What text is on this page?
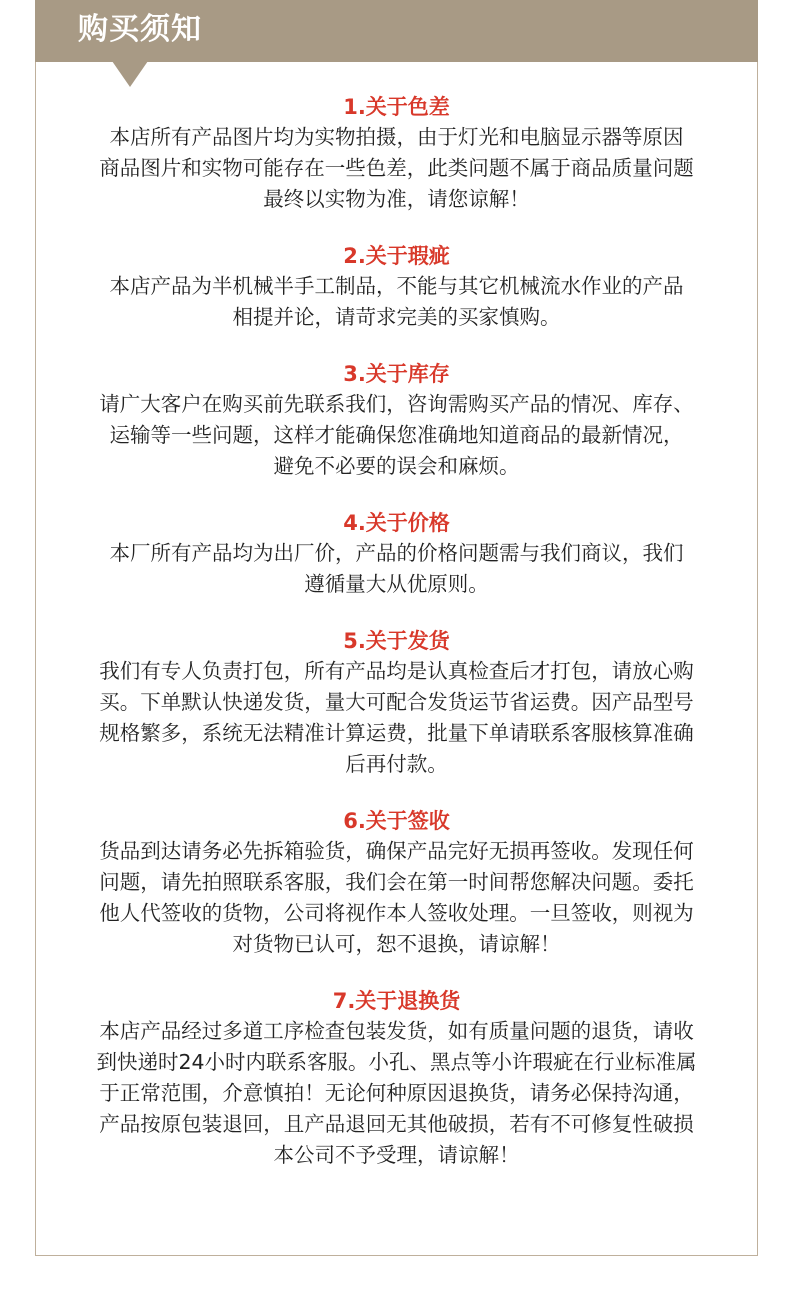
购买须知
1.关于色差
本店所有产品图片均为实物拍摄，由于灯光和电脑显示器等原因
商品图片和实物可能存在一些色差，此类问题不属于商品质量问题
最终以实物为准，请您谅解！
2.关于瑕疵
本店产品为半机械半手工制品，不能与其它机械流水作业的产品
相提并论，请苛求完美的买家慎购。
3.关于库存
请广大客户在购买前先联系我们，咨询需购买产品的情况、库存、
运输等一些问题，这样才能确保您准确地知道商品的最新情况，
避免不必要的误会和麻烦。
4.关于价格
本厂所有产品均为出厂价，产品的价格问题需与我们商议，我们
遵循量大从优原则。
5.关于发货
我们有专人负责打包，所有产品均是认真检查后才打包，请放心购
买。下单默认快递发货，量大可配合发货运节省运费。因产品型号
规格繁多，系统无法精准计算运费，批量下单请联系客服核算准确
后再付款。
6.关于签收
货品到达请务必先拆箱验货，确保产品完好无损再签收。发现任何
问题，请先拍照联系客服，我们会在第一时间帮您解决问题。委托
他人代签收的货物，公司将视作本人签收处理。一旦签收，则视为
对货物已认可，恕不退换，请谅解！
7.关于退换货
本店产品经过多道工序检查包装发货，如有质量问题的退货，请收
到快递时24小时内联系客服。小孔、黑点等小许瑕疵在行业标准属
于正常范围，介意慎拍！无论何种原因退换货，请务必保持沟通，
产品按原包装退回，且产品退回无其他破损，若有不可修复性破损
本公司不予受理，请谅解！
